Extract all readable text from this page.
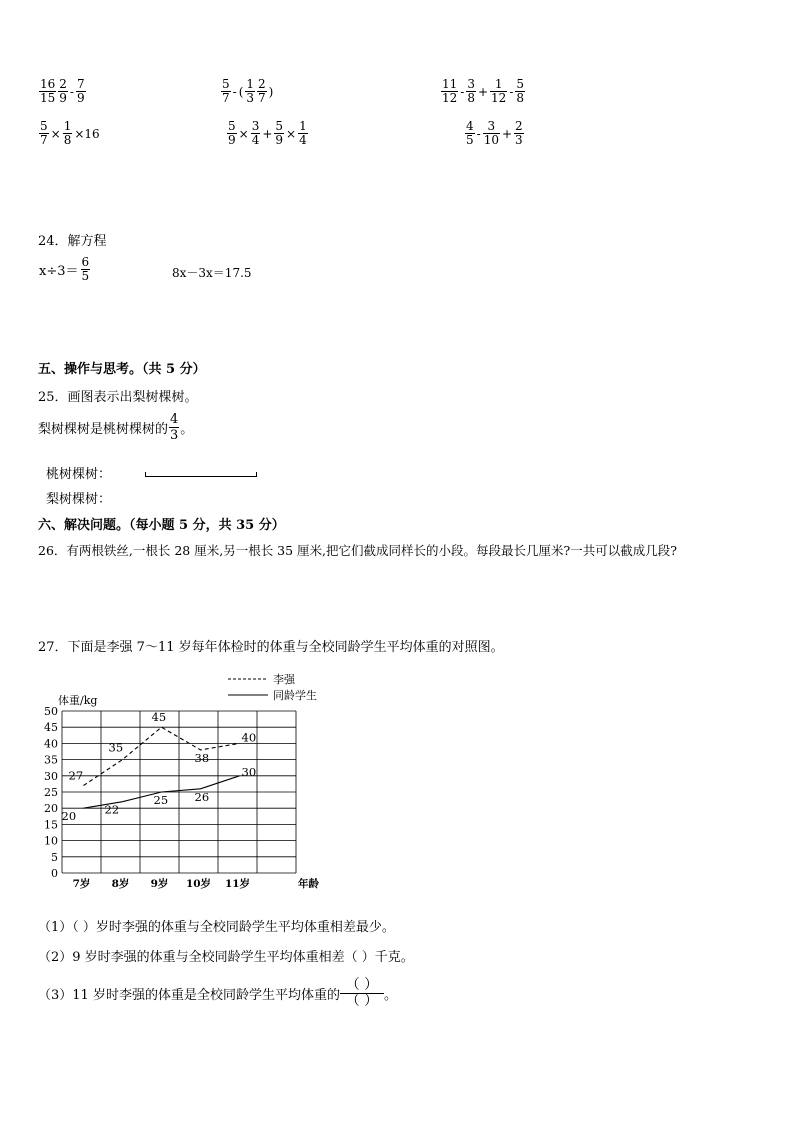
$\frac{16}{15} \frac{2}{9} - \frac{7}{9}$	$\frac{5}{7}$ - ( $\frac{1}{3} \frac{2}{7}$ )	$\frac{11}{12} - \frac{3}{8} + \frac{1}{12} - \frac{5}{8}$
$\frac{5}{7} \times \frac{1}{8} \times 16$	$\frac{5}{9} \times \frac{3}{4} + \frac{5}{9} \times \frac{1}{4}$	$\frac{4}{5} - \frac{3}{10} + \frac{2}{3}$
24．解方程
$x\div 3= \frac{6}{5}$	8x－3x＝17.5
五、操作与思考。（共 5 分）
25．画图表示出梨树棵树。
梨树棵树是桃树棵树的 $\frac{4}{3}$ 。
桃树棵树：
梨树棵树：
六、解决问题。（每小题 5 分，共 35 分）
26．有两根铁丝,一根长 28 厘米,另一根长 35 厘米,把它们截成同样长的小段。每段最长几厘米?一共可以截成几段?
27．下面是李强 7～11 岁每年体检时的体重与全校同龄学生平均体重的对照图。
0
5
10
15
20
25
30
35
40
45
50
体重/kg
7岁 8岁 9岁 10岁 11岁	年龄
27
35
45
38
40
20 22
25 26
30
李强
同龄学生
（1）（ ）岁时李强的体重与全校同龄学生平均体重相差最少。
（2）9 岁时李强的体重与全校同龄学生平均体重相差（ ）千克。
（3）11 岁时李强的体重是全校同龄学生平均体重的
（ ）
（ ） 。
